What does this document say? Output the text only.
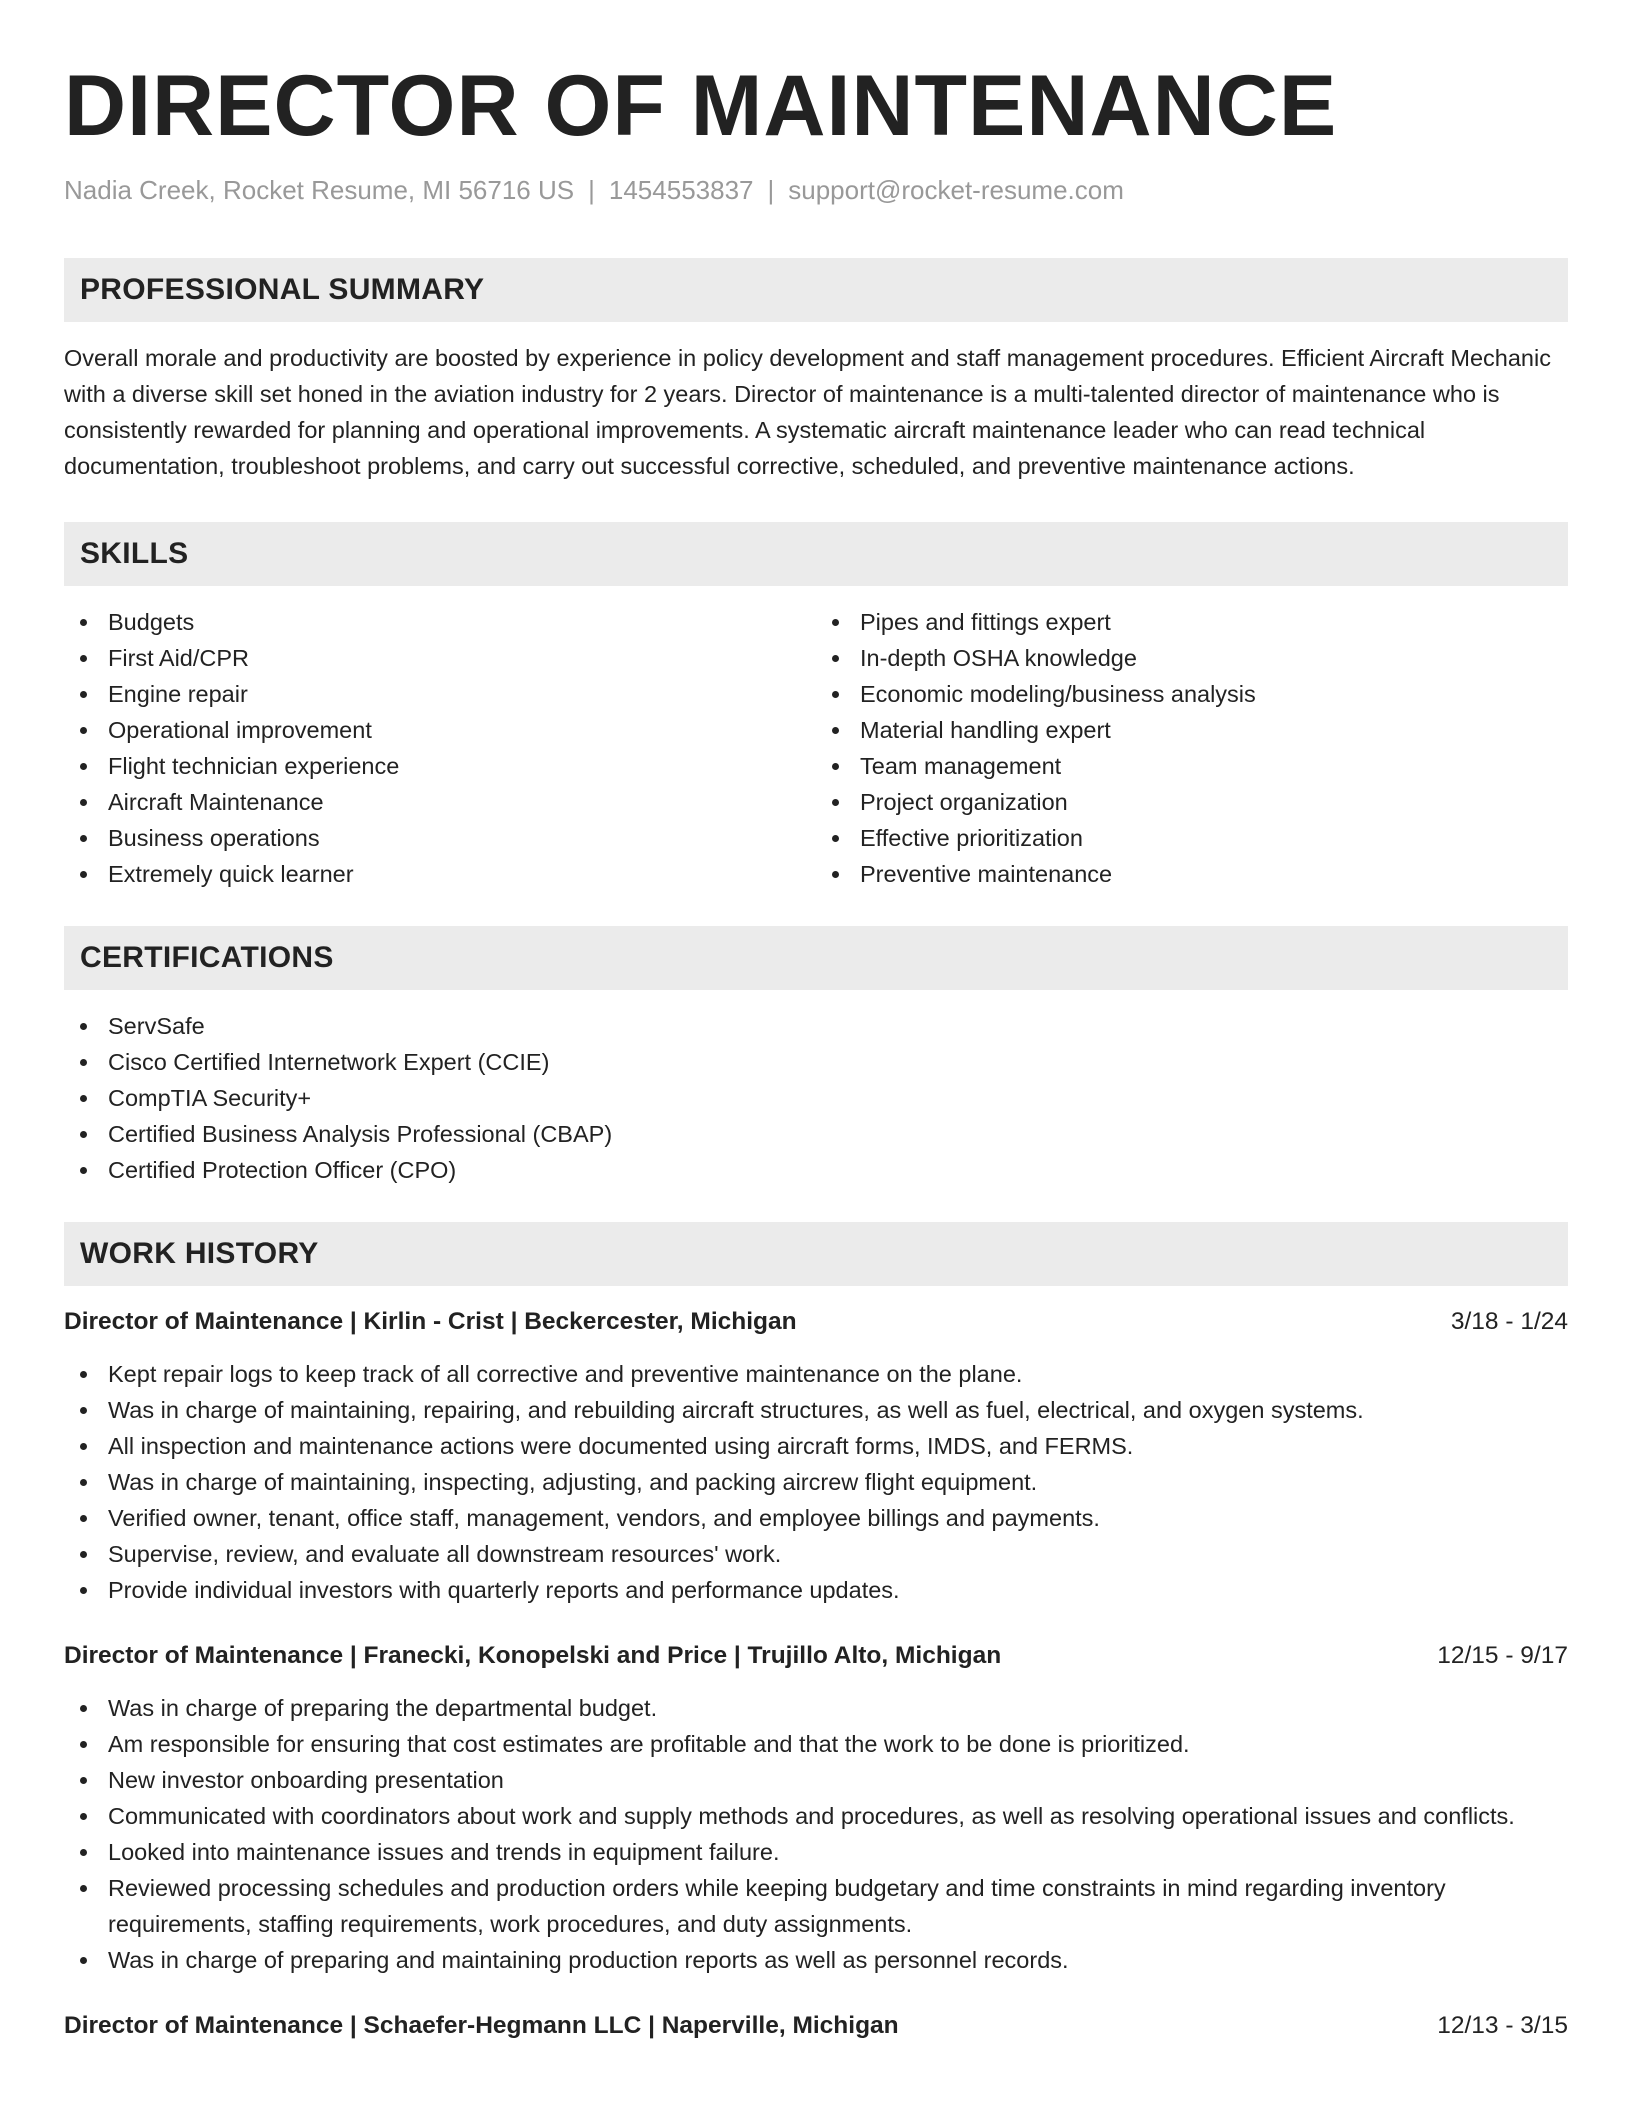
DIRECTOR OF MAINTENANCE
Nadia Creek, Rocket Resume, MI 56716 US | 1454553837 | support@rocket-resume.com
PROFESSIONAL SUMMARY

Overall morale and productivity are boosted by experience in policy development and staff management procedures. Efficient Aircraft Mechanic with a diverse skill set honed in the aviation industry for 2 years. Director of maintenance is a multi-talented director of maintenance who is consistently rewarded for planning and operational improvements. A systematic aircraft maintenance leader who can read technical documentation, troubleshoot problems, and carry out successful corrective, scheduled, and preventive maintenance actions.

SKILLS
Budgets
First Aid/CPR
Engine repair
Operational improvement
Flight technician experience
Aircraft Maintenance
Business operations
Extremely quick learner
Pipes and fittings expert
In-depth OSHA knowledge
Economic modeling/business analysis
Material handling expert
Team management
Project organization
Effective prioritization
Preventive maintenance
CERTIFICATIONS
ServSafe
Cisco Certified Internetwork Expert (CCIE)
CompTIA Security+
Certified Business Analysis Professional (CBAP)
Certified Protection Officer (CPO)
WORK HISTORY
Director of Maintenance | Kirlin - Crist | Beckercester, Michigan	3/18 - 1/24
Kept repair logs to keep track of all corrective and preventive maintenance on the plane.
Was in charge of maintaining, repairing, and rebuilding aircraft structures, as well as fuel, electrical, and oxygen systems.
All inspection and maintenance actions were documented using aircraft forms, IMDS, and FERMS.
Was in charge of maintaining, inspecting, adjusting, and packing aircrew flight equipment.
Verified owner, tenant, office staff, management, vendors, and employee billings and payments.
Supervise, review, and evaluate all downstream resources' work.
Provide individual investors with quarterly reports and performance updates.
Director of Maintenance | Franecki, Konopelski and Price | Trujillo Alto, Michigan	12/15 - 9/17
Was in charge of preparing the departmental budget.
Am responsible for ensuring that cost estimates are profitable and that the work to be done is prioritized.
New investor onboarding presentation
Communicated with coordinators about work and supply methods and procedures, as well as resolving operational issues and conflicts.
Looked into maintenance issues and trends in equipment failure.
Reviewed processing schedules and production orders while keeping budgetary and time constraints in mind regarding inventory requirements, staffing requirements, work procedures, and duty assignments.
Was in charge of preparing and maintaining production reports as well as personnel records.
Director of Maintenance | Schaefer-Hegmann LLC | Naperville, Michigan	12/13 - 3/15
